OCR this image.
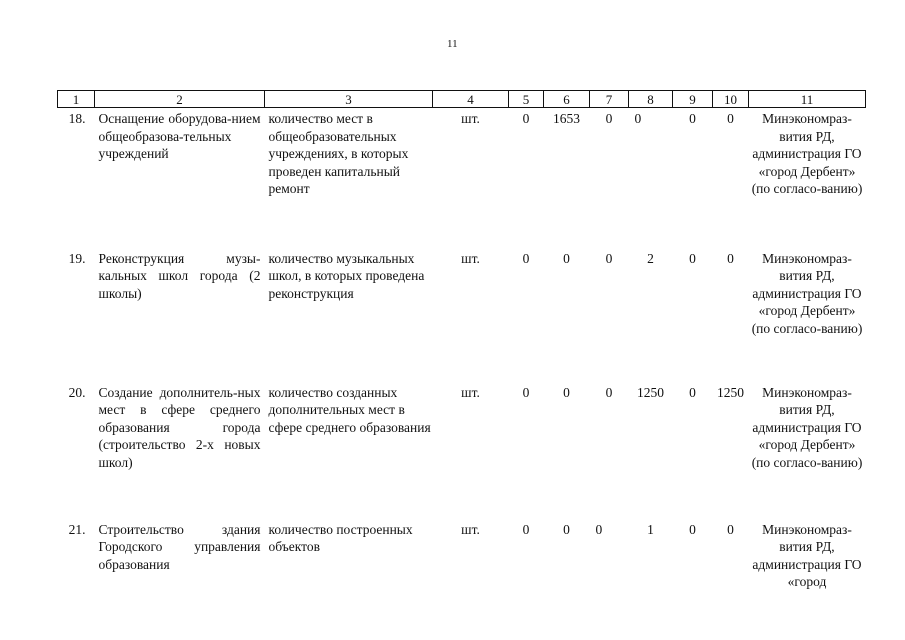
11
1	2	3	4	5	6	7	8	9	10	11
18.	Оснащение оборудова-нием общеобразова-тельных учреждений	количество мест в общеобразовательных учреждениях, в которых проведен капитальный ремонт	шт.	0	1653	0	0	0	0	Минэкономраз-вития РД, администрация ГО «город Дербент» (по согласо-ванию)
19.	Реконструкция музы-кальных школ города (2 школы)	количество музыкальных школ, в которых проведена реконструкция	шт.	0	0	0	2	0	0	Минэкономраз-вития РД, администрация ГО «город Дербент» (по согласо-ванию)
20.	Создание дополнитель-ных мест в сфере среднего образования города (строительство 2-х новых школ)	количество созданных дополнительных мест в сфере среднего образования	шт.	0	0	0	1250	0	1250	Минэкономраз-вития РД, администрация ГО «город Дербент» (по согласо-ванию)
21.	Строительство здания Городского управления образования	количество построенных объектов	шт.	0	0	0	1	0	0	Минэкономраз-вития РД, администрация ГО «город
